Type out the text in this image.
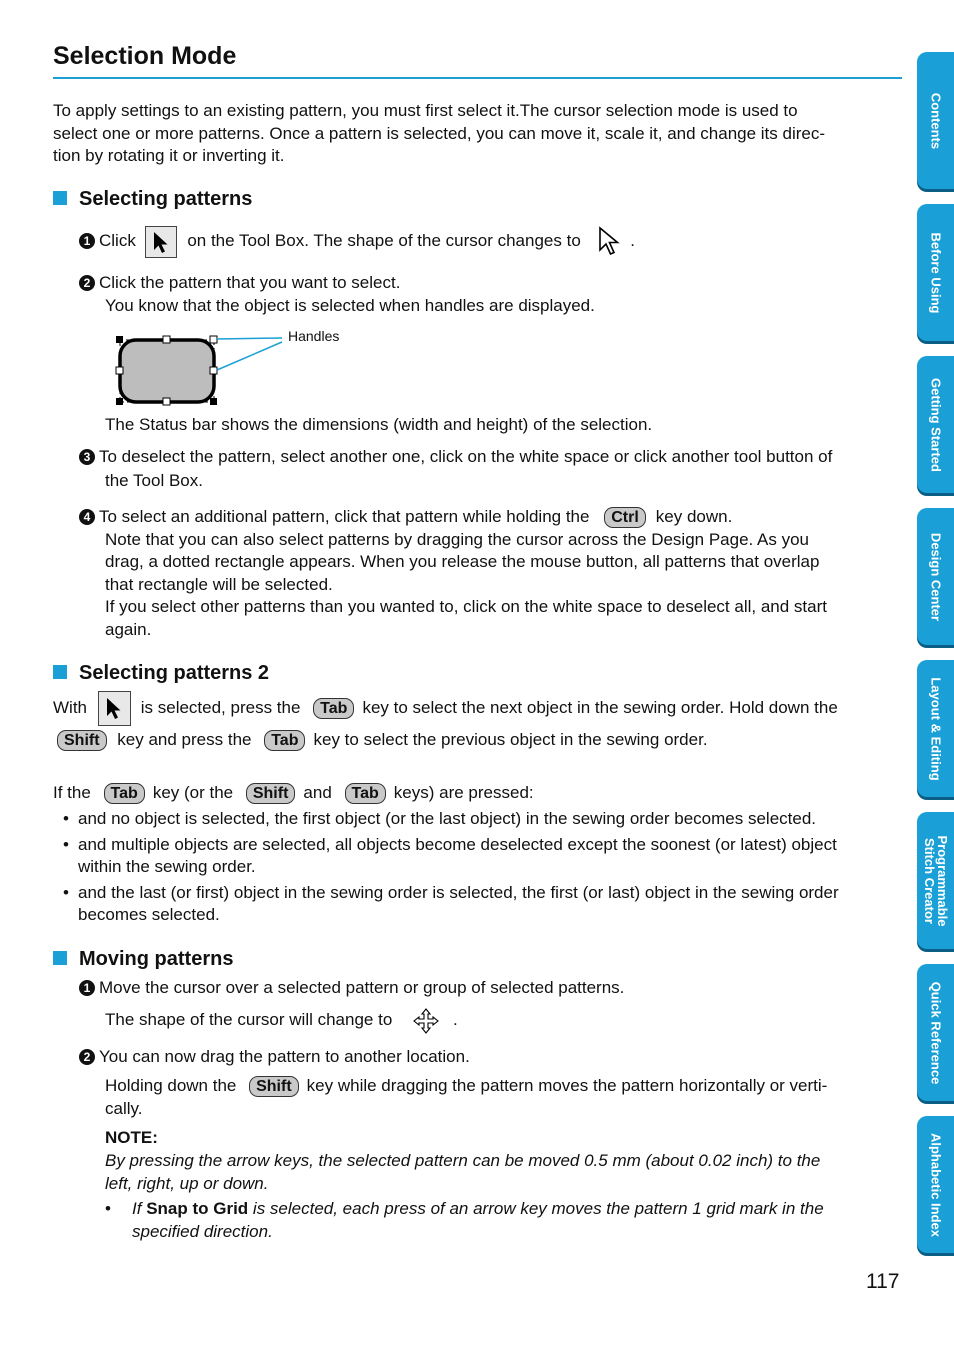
Selection Mode
To apply settings to an existing pattern, you must first select it.The cursor selection mode is used to
select one or more patterns. Once a pattern is selected, you can move it, scale it, and change its direc-
tion by rotating it or inverting it.
Selecting patterns
1 Click	on the Tool Box. The shape of the cursor changes to	.
2 Click the pattern that you want to select.
You know that the object is selected when handles are displayed.
Handles
The Status bar shows the dimensions (width and height) of the selection.
3 To deselect the pattern, select another one, click on the white space or click another tool button of
the Tool Box.
4 To select an additional pattern, click that pattern while holding the Ctrl key down.
Note that you can also select patterns by dragging the cursor across the Design Page. As you
drag, a dotted rectangle appears. When you release the mouse button, all patterns that overlap
that rectangle will be selected.
If you select other patterns than you wanted to, click on the white space to deselect all, and start
again.
Selecting patterns 2
With	is selected, press the Tab key to select the next object in the sewing order. Hold down the
Shift key and press the Tab key to select the previous object in the sewing order.
If the Tab key (or the Shift and Tab keys) are pressed:
• and no object is selected, the first object (or the last object) in the sewing order becomes selected.
• and multiple objects are selected, all objects become deselected except the soonest (or latest) object
within the sewing order.
• and the last (or first) object in the sewing order is selected, the first (or last) object in the sewing order
becomes selected.
Moving patterns
1 Move the cursor over a selected pattern or group of selected patterns.
The shape of the cursor will change to	.
2 You can now drag the pattern to another location.
Holding down the Shift key while dragging the pattern moves the pattern horizontally or verti-
cally.
NOTE:
By pressing the arrow keys, the selected pattern can be moved 0.5 mm (about 0.02 inch) to the
left, right, up or down.
• If Snap to Grid is selected, each press of an arrow key moves the pattern 1 grid mark in the
specified direction.
117
Contents
Before Using
Getting Started
Design Center
Layout & Editing
Programmable Stitch Creator
Quick Reference
Alphabetic Index
